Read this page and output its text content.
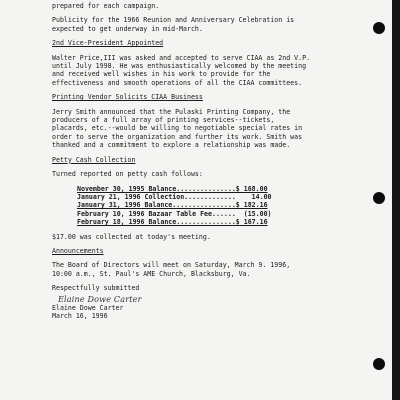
prepared for each campaign.

Publicity for the 1966 Reunion and Anniversary Celebration is

expected to get underway in mid-March.

2nd Vice-President Appointed

Walter Price,III was asked and accepted to serve CIAA as 2nd V.P.

until July 1998. He was enthusiastically welcomed by the meeting

and received well wishes in his work to provide for the

effectiveness and smooth operations of all the CIAA committees.

Printing Vendor Solicits CIAA Business

Jerry Smith announced that the Pulaski Printing Company, the

producers of a full array of printing services--tickets,

placards, etc.--would be willing to negotiable special rates in

order to serve the organization and further its work. Smith was

thanked and a commitment to explore a relationship was made.

Petty Cash Collection

Turned reported on petty cash follows:

November 30, 1995 Balance...............$ 168.00

January 21, 1996 Collection.............    14.00

January 31, 1996 Balance................$ 182.16

February 10, 1996 Bazaar Table Fee......  (15.00)

February 18, 1996 Balance...............$ 167.16

$17.00 was collected at today's meeting.

Announcements

The Board of Directors will meet on Saturday, March 9. 1996,

10:00 a.m., St. Paul's AME Church, Blacksburg, Va.

Respectfully submitted

Elaine Dowe Carter

Elaine Dowe Carter

March 16, 1996
